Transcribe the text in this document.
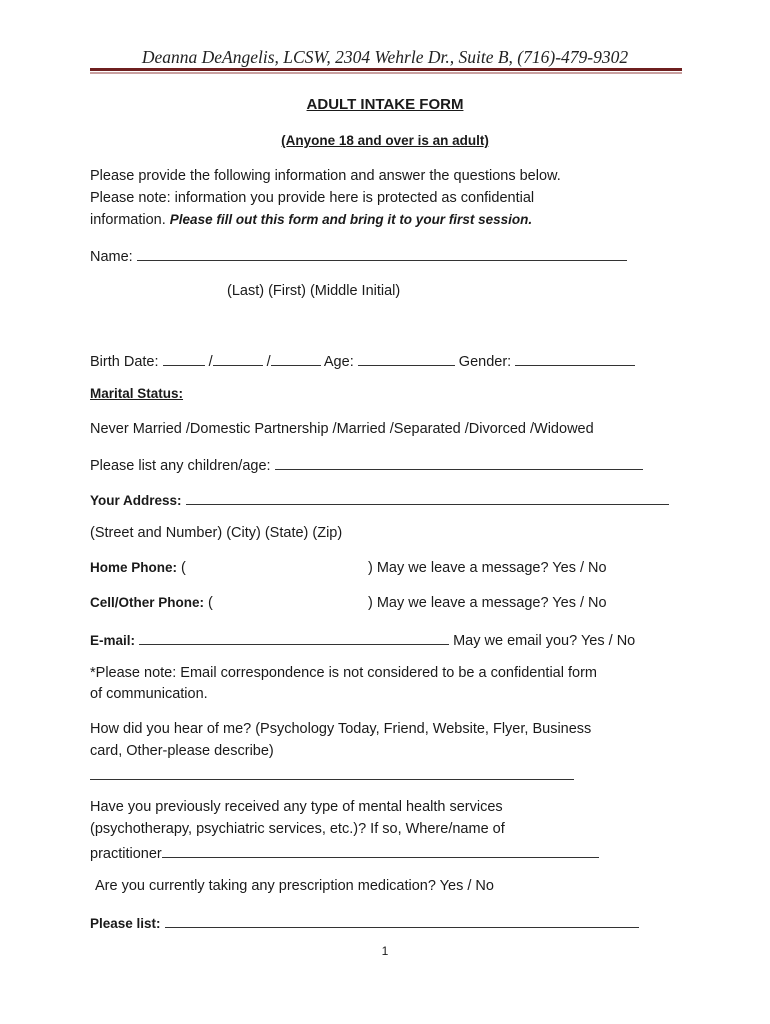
Deanna DeAngelis, LCSW, 2304 Wehrle Dr., Suite B, (716)-479-9302
ADULT INTAKE FORM
(Anyone 18 and over is an adult)
Please provide the following information and answer the questions below.
Please note: information you provide here is protected as confidential
information. Please fill out this form and bring it to your first session.
Name:
(Last) (First) (Middle Initial)
Birth Date:	/	/	Age:	Gender:
Marital Status:
Never Married /Domestic Partnership /Married /Separated /Divorced /Widowed
Please list any children/age:
Your Address:
(Street and Number) (City) (State) (Zip)
Home Phone: (	) May we leave a message? Yes / No
Cell/Other Phone: (	) May we leave a message? Yes / No
E-mail:	May we email you? Yes / No
*Please note: Email correspondence is not considered to be a confidential form
of communication.
How did you hear of me? (Psychology Today, Friend, Website, Flyer, Business
card, Other-please describe)
Have you previously received any type of mental health services
(psychotherapy, psychiatric services, etc.)? If so, Where/name of
practitioner
Are you currently taking any prescription medication? Yes / No
Please list:
1
